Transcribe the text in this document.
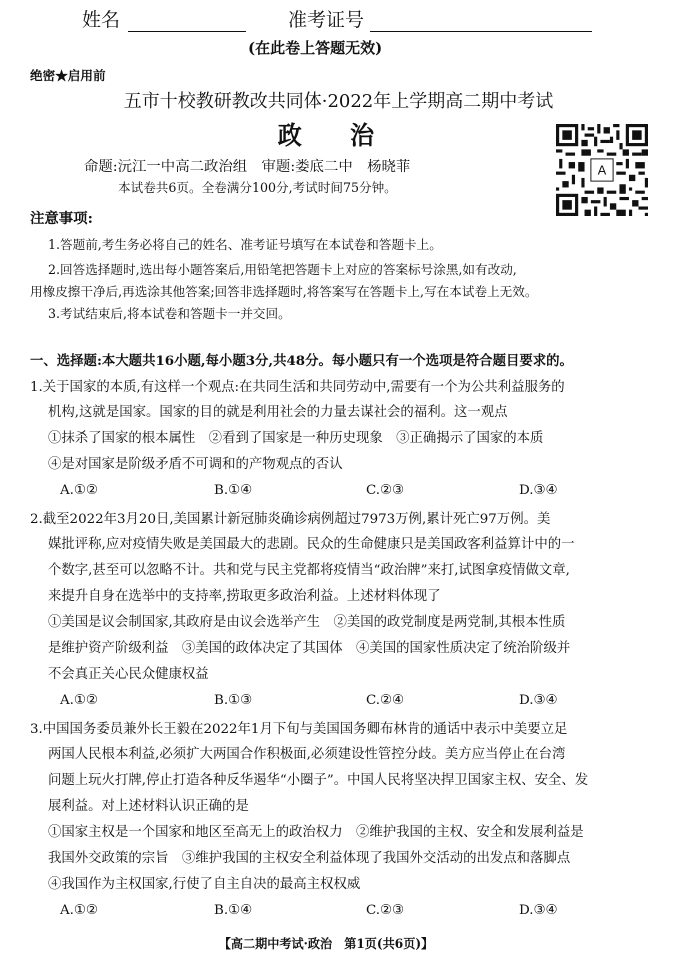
姓名	准考证号
(在此卷上答题无效)
绝密★启用前
五市十校教研教改共同体·2022年上学期高二期中考试
政　　治
命题:沅江一中高二政治组　审题:娄底二中　杨晓菲
本试卷共6页。全卷满分100分,考试时间75分钟。
A
注意事项:
1.答题前,考生务必将自己的姓名、准考证号填写在本试卷和答题卡上。
2.回答选择题时,选出每小题答案后,用铅笔把答题卡上对应的答案标号涂黑,如有改动,
用橡皮擦干净后,再选涂其他答案;回答非选择题时,将答案写在答题卡上,写在本试卷上无效。
3.考试结束后,将本试卷和答题卡一并交回。
一、选择题:本大题共16小题,每小题3分,共48分。每小题只有一个选项是符合题目要求的。
1.关于国家的本质,有这样一个观点:在共同生活和共同劳动中,需要有一个为公共利益服务的
机构,这就是国家。国家的目的就是利用社会的力量去谋社会的福利。这一观点
①抹杀了国家的根本属性　②看到了国家是一种历史现象　③正确揭示了国家的本质
④是对国家是阶级矛盾不可调和的产物观点的否认
A.①②	B.①④	C.②③	D.③④
2.截至2022年3月20日,美国累计新冠肺炎确诊病例超过7973万例,累计死亡97万例。美
媒批评称,应对疫情失败是美国最大的悲剧。民众的生命健康只是美国政客利益算计中的一
个数字,甚至可以忽略不计。共和党与民主党都将疫情当“政治牌”来打,试图拿疫情做文章,
来提升自身在选举中的支持率,捞取更多政治利益。上述材料体现了
①美国是议会制国家,其政府是由议会选举产生　②美国的政党制度是两党制,其根本性质
是维护资产阶级利益　③美国的政体决定了其国体　④美国的国家性质决定了统治阶级并
不会真正关心民众健康权益
A.①②	B.①③	C.②④	D.③④
3.中国国务委员兼外长王毅在2022年1月下旬与美国国务卿布林肯的通话中表示中美要立足
两国人民根本利益,必须扩大两国合作积极面,必须建设性管控分歧。美方应当停止在台湾
问题上玩火打牌,停止打造各种反华遏华“小圈子”。中国人民将坚决捍卫国家主权、安全、发
展利益。对上述材料认识正确的是
①国家主权是一个国家和地区至高无上的政治权力　②维护我国的主权、安全和发展利益是
我国外交政策的宗旨　③维护我国的主权安全利益体现了我国外交活动的出发点和落脚点
④我国作为主权国家,行使了自主自决的最高主权权威
A.①②	B.①④	C.②③	D.③④
【高二期中考试·政治　第1页(共6页)】
